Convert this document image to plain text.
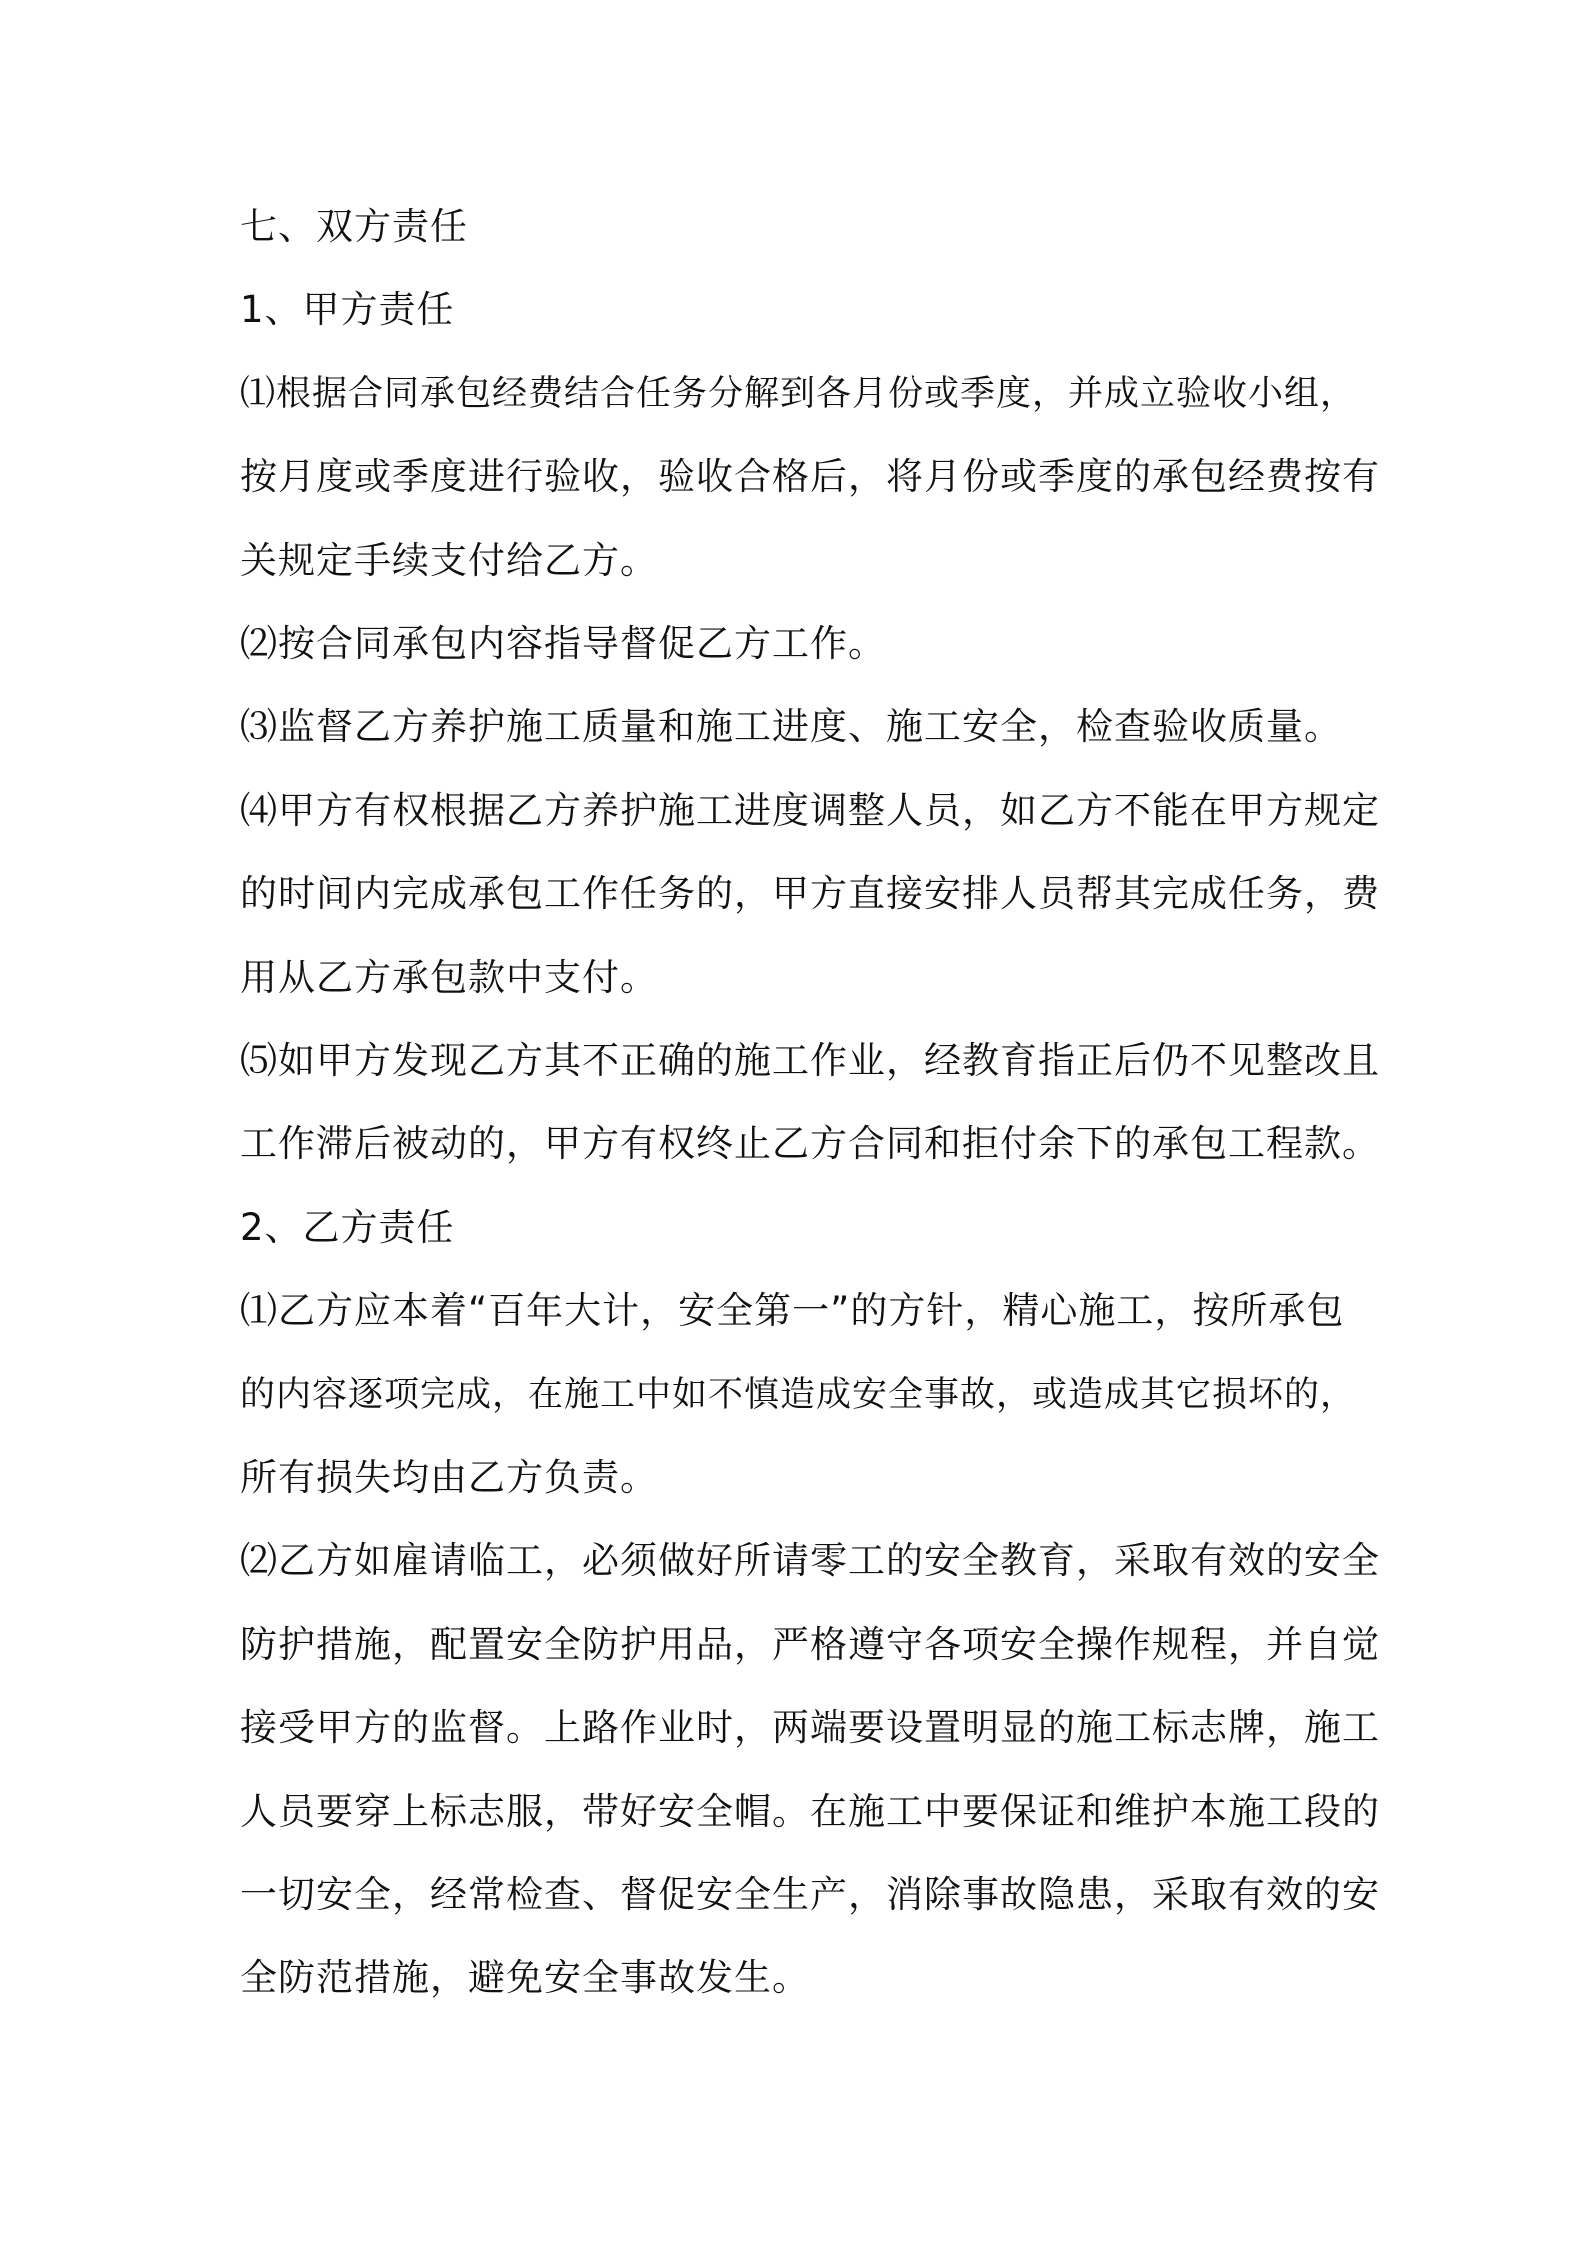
七、双方责任
1、甲方责任
⑴根据合同承包经费结合任务分解到各月份或季度，并成立验收小组，
按月度或季度进行验收，验收合格后，将月份或季度的承包经费按有
关规定手续支付给乙方。
⑵按合同承包内容指导督促乙方工作。
⑶监督乙方养护施工质量和施工进度、施工安全，检查验收质量。
⑷甲方有权根据乙方养护施工进度调整人员，如乙方不能在甲方规定
的时间内完成承包工作任务的，甲方直接安排人员帮其完成任务，费
用从乙方承包款中支付。
⑸如甲方发现乙方其不正确的施工作业，经教育指正后仍不见整改且
工作滞后被动的，甲方有权终止乙方合同和拒付余下的承包工程款。
2、乙方责任
⑴乙方应本着“百年大计，安全第一”的方针，精心施工，按所承包
的内容逐项完成，在施工中如不慎造成安全事故，或造成其它损坏的，
所有损失均由乙方负责。
⑵乙方如雇请临工，必须做好所请零工的安全教育，采取有效的安全
防护措施，配置安全防护用品，严格遵守各项安全操作规程，并自觉
接受甲方的监督。上路作业时，两端要设置明显的施工标志牌，施工
人员要穿上标志服，带好安全帽。在施工中要保证和维护本施工段的
一切安全，经常检查、督促安全生产，消除事故隐患，采取有效的安
全防范措施，避免安全事故发生。
